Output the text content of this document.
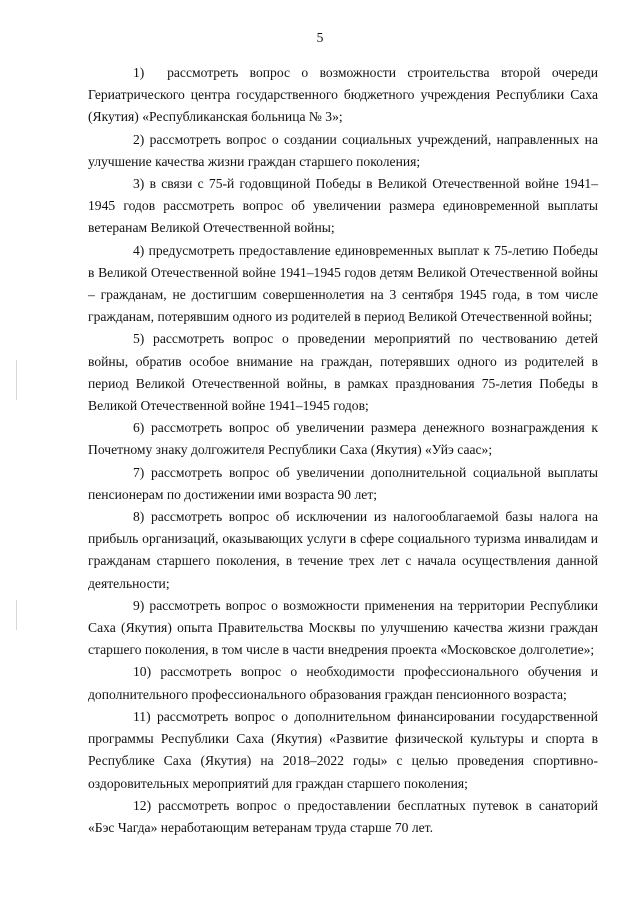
5

1)  рассмотреть вопрос о возможности строительства второй очереди Гериатрического центра государственного бюджетного учреждения Республики Саха (Якутия) «Республиканская больница № 3»;

2) рассмотреть вопрос о создании социальных учреждений, направленных на улучшение качества жизни граждан старшего поколения;

3) в связи с 75-й годовщиной Победы в Великой Отечественной войне 1941–1945 годов рассмотреть вопрос об увеличении размера единовременной выплаты ветеранам Великой Отечественной войны;

4) предусмотреть предоставление единовременных выплат к 75-летию Победы в Великой Отечественной войне 1941–1945 годов детям Великой Отечественной войны – гражданам, не достигшим совершеннолетия на 3 сентября 1945 года, в том числе гражданам, потерявшим одного из родителей в период Великой Отечественной войны;

5) рассмотреть вопрос о проведении мероприятий по чествованию детей войны, обратив особое внимание на граждан, потерявших одного из родителей в период Великой Отечественной войны, в рамках празднования 75-летия Победы в Великой Отечественной войне 1941–1945 годов;

6) рассмотреть вопрос об увеличении размера денежного вознаграждения к Почетному знаку долгожителя Республики Саха (Якутия) «Уйэ саас»;

7) рассмотреть вопрос об увеличении дополнительной социальной выплаты пенсионерам по достижении ими возраста 90 лет;

8) рассмотреть вопрос об исключении из налогооблагаемой базы налога на прибыль организаций, оказывающих услуги в сфере социального туризма инвалидам и гражданам старшего поколения, в течение трех лет с начала осуществления данной деятельности;

9) рассмотреть вопрос о возможности применения на территории Республики Саха (Якутия) опыта Правительства Москвы по улучшению качества жизни граждан старшего поколения, в том числе в части внедрения проекта «Московское долголетие»;

10) рассмотреть вопрос о необходимости профессионального обучения и дополнительного профессионального образования граждан пенсионного возраста;

11) рассмотреть вопрос о дополнительном финансировании государственной программы Республики Саха (Якутия) «Развитие физической культуры и спорта в Республике Саха (Якутия) на 2018–2022 годы» с целью проведения спортивно-оздоровительных мероприятий для граждан старшего поколения;

12) рассмотреть вопрос о предоставлении бесплатных путевок в санаторий «Бэс Чагда» неработающим ветеранам труда старше 70 лет.
